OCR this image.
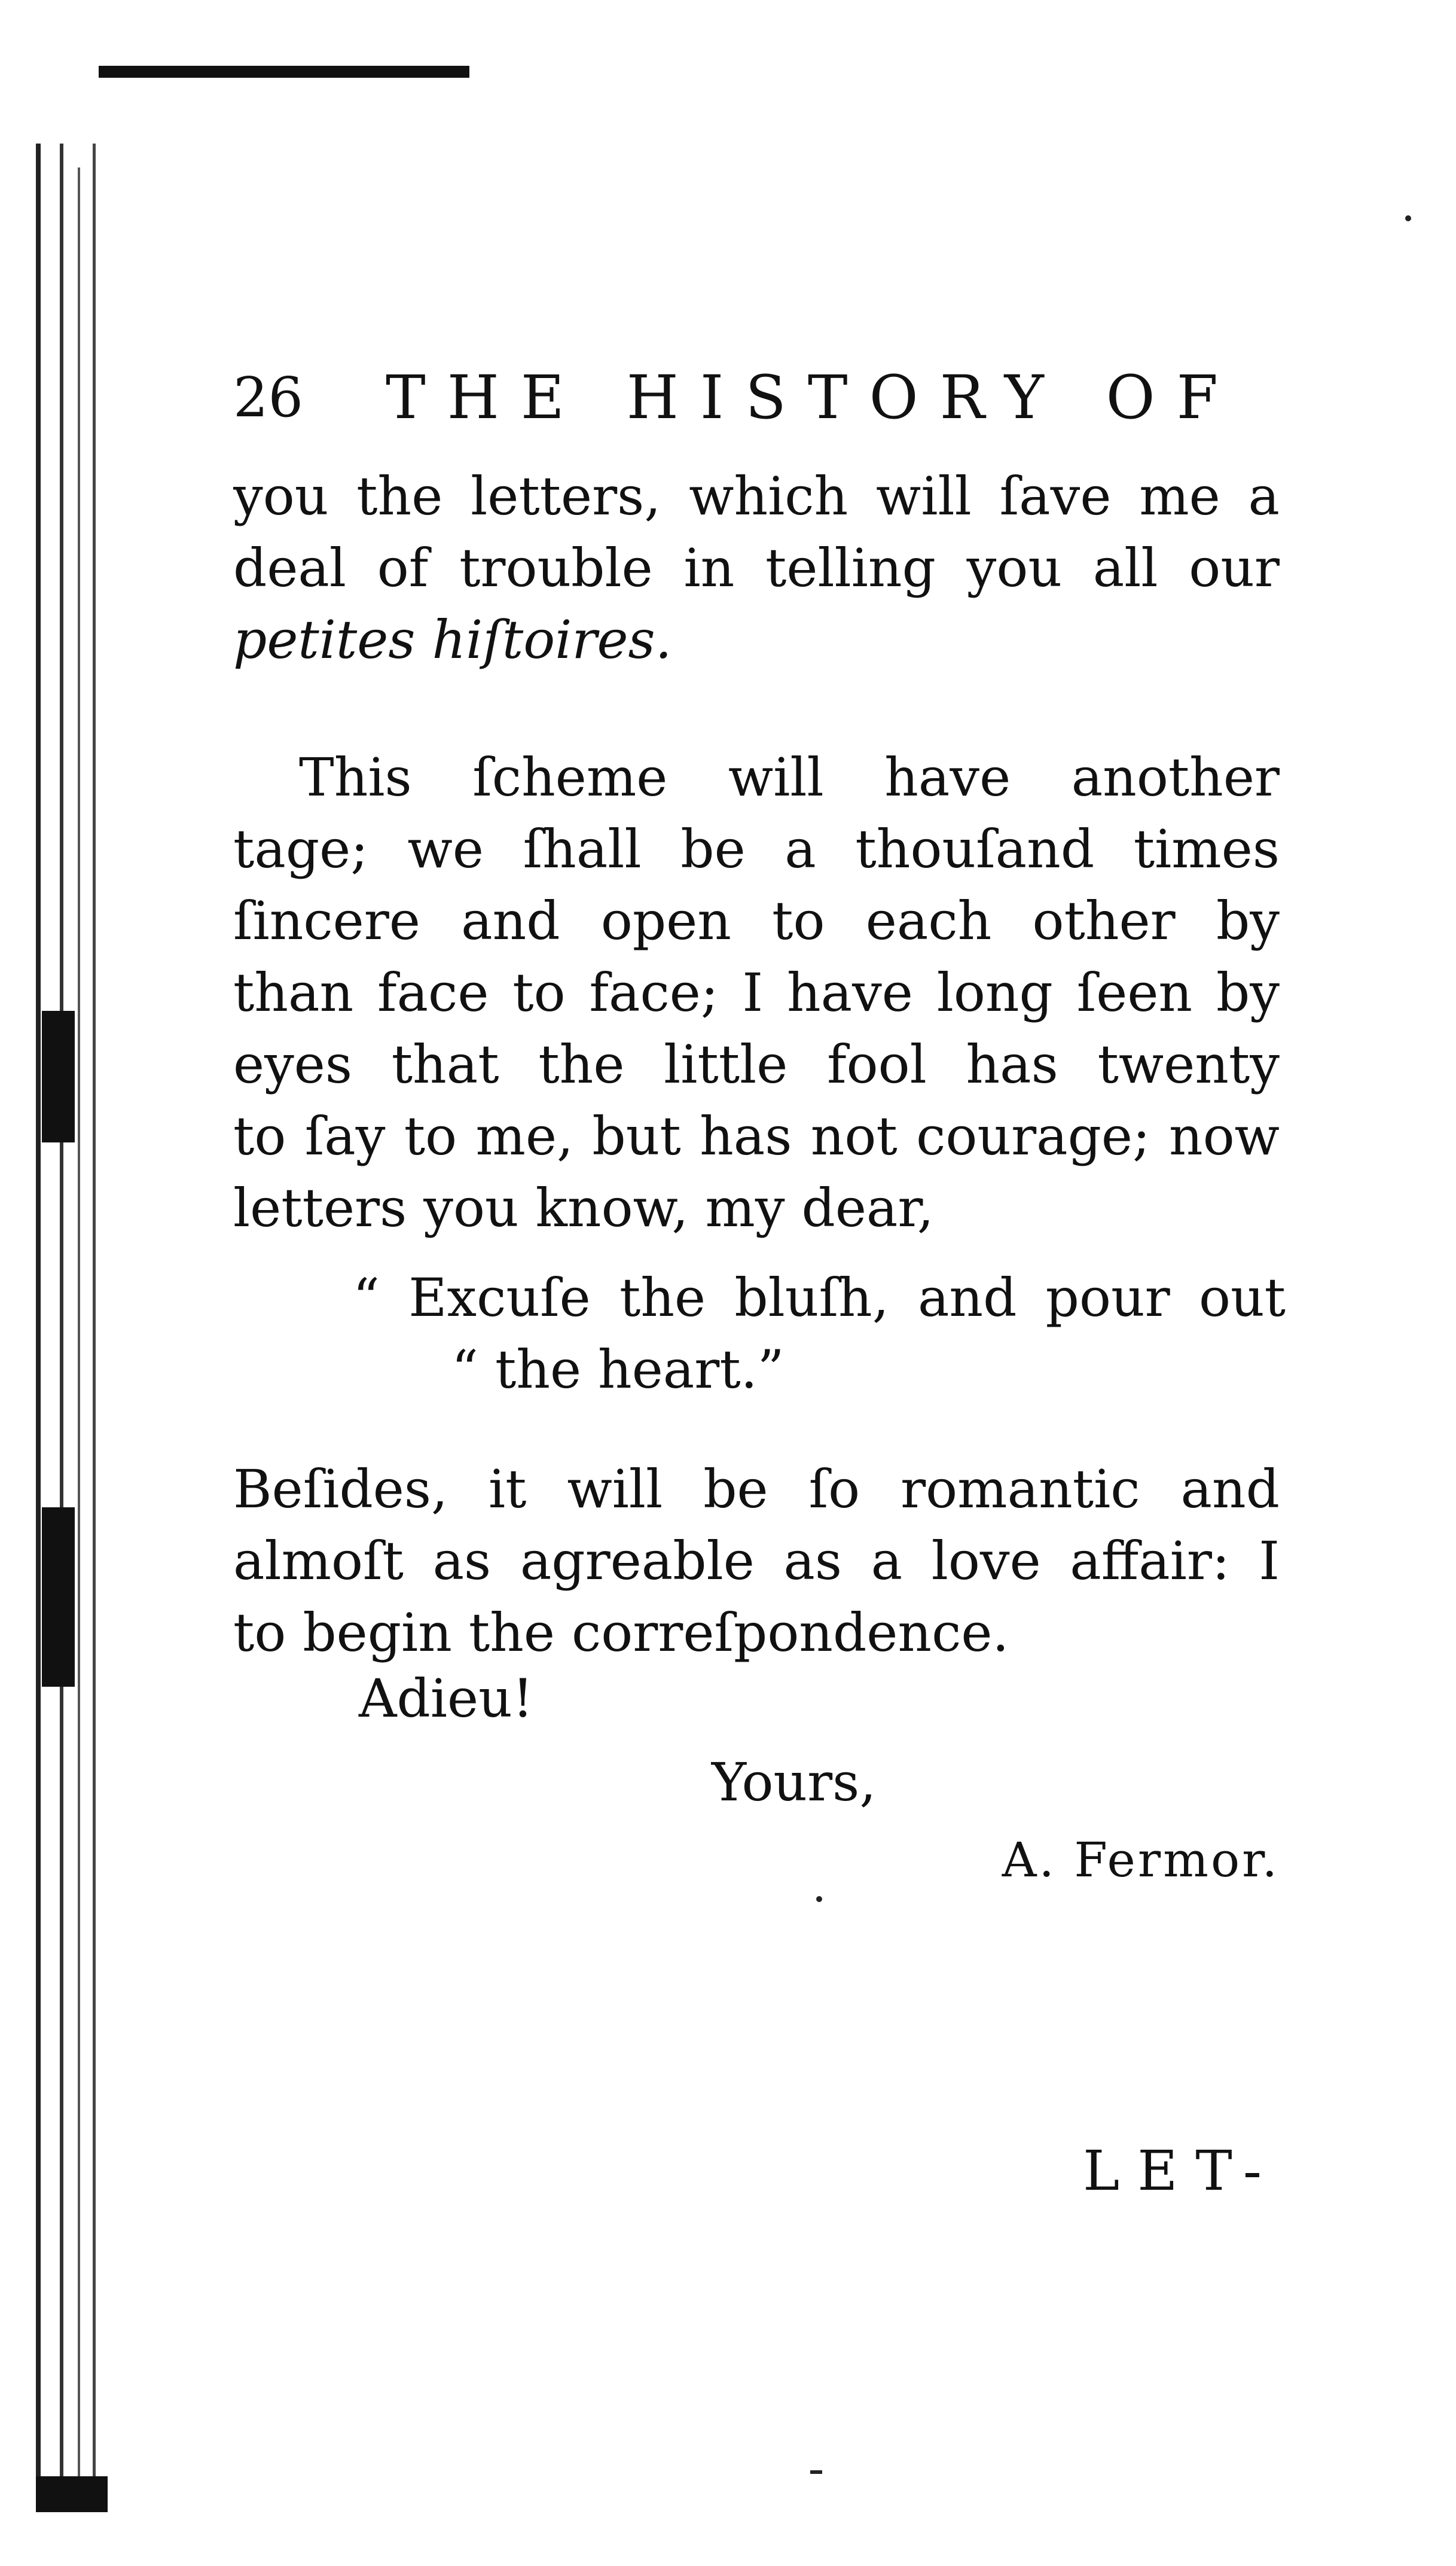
26 THE HISTORY OF
you the letters, which will ſave me a
deal of trouble in telling you all our
petites hiſtoires.
This ſcheme will have another
tage; we ſhall be a thouſand times
ſincere and open to each other by
than face to face; I have long ſeen by
eyes that the little fool has twenty
to ſay to me, but has not courage; now
letters you know, my dear,
“ Excuſe the bluſh, and pour out
“ the heart.”
Beſides, it will be ſo romantic and
almoſt as agreable as a love affair: I
to begin the correſpondence.
Adieu!
Yours,
A. Fermor.
LET-
